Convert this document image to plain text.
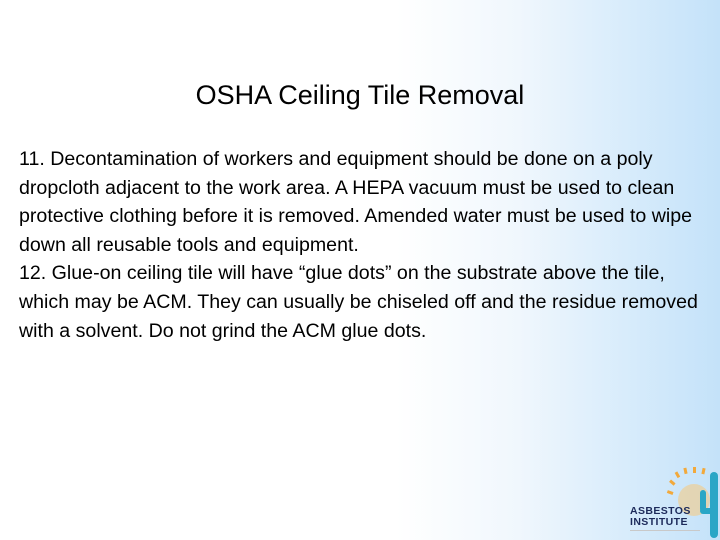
OSHA Ceiling Tile Removal

11. Decontamination of workers and equipment should be done on a poly dropcloth adjacent to the work area. A HEPA vacuum must be used to clean protective clothing before it is removed. Amended water must be used to wipe down all reusable tools and equipment.

12. Glue-on ceiling tile will have “glue dots” on the substrate above the tile, which may be ACM. They can usually be chiseled off and the residue removed with a solvent. Do not grind the ACM glue dots.

ASBESTOS
INSTITUTE
